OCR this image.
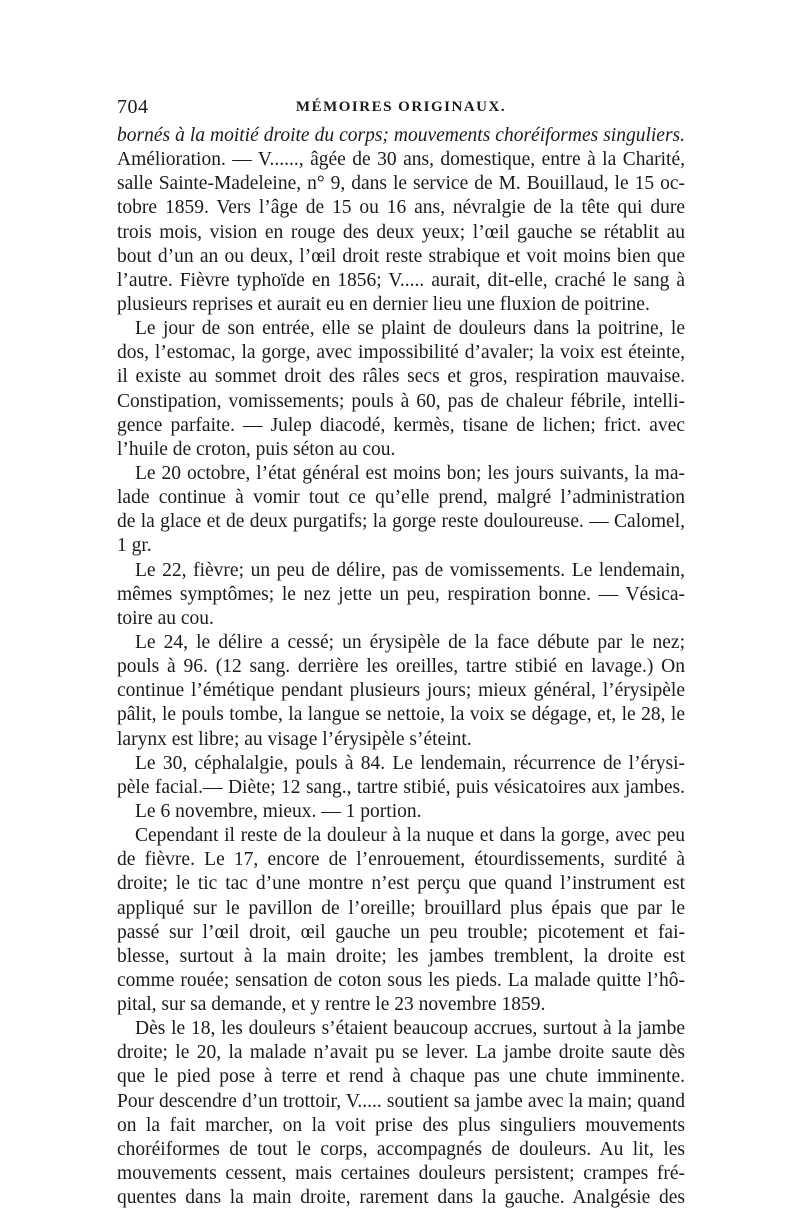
704	MÉMOIRES ORIGINAUX.
bornés à la moitié droite du corps; mouvements choréiformes singuliers.
Amélioration. — V......, âgée de 30 ans, domestique, entre à la Charité,
salle Sainte-Madeleine, n° 9, dans le service de M. Bouillaud, le 15 oc-
tobre 1859. Vers l’âge de 15 ou 16 ans, névralgie de la tête qui dure
trois mois, vision en rouge des deux yeux; l’œil gauche se rétablit au
bout d’un an ou deux, l’œil droit reste strabique et voit moins bien que
l’autre. Fièvre typhoïde en 1856; V..... aurait, dit-elle, craché le sang à
plusieurs reprises et aurait eu en dernier lieu une fluxion de poitrine.
Le jour de son entrée, elle se plaint de douleurs dans la poitrine, le
dos, l’estomac, la gorge, avec impossibilité d’avaler; la voix est éteinte,
il existe au sommet droit des râles secs et gros, respiration mauvaise.
Constipation, vomissements; pouls à 60, pas de chaleur fébrile, intelli-
gence parfaite. — Julep diacodé, kermès, tisane de lichen; frict. avec
l’huile de croton, puis séton au cou.
Le 20 octobre, l’état général est moins bon; les jours suivants, la ma-
lade continue à vomir tout ce qu’elle prend, malgré l’administration
de la glace et de deux purgatifs; la gorge reste douloureuse. — Calomel,
1 gr.
Le 22, fièvre; un peu de délire, pas de vomissements. Le lendemain,
mêmes symptômes; le nez jette un peu, respiration bonne. — Vésica-
toire au cou.
Le 24, le délire a cessé; un érysipèle de la face débute par le nez;
pouls à 96. (12 sang. derrière les oreilles, tartre stibié en lavage.) On
continue l’émétique pendant plusieurs jours; mieux général, l’érysipèle
pâlit, le pouls tombe, la langue se nettoie, la voix se dégage, et, le 28, le
larynx est libre; au visage l’érysipèle s’éteint.
Le 30, céphalalgie, pouls à 84. Le lendemain, récurrence de l’érysi-
pèle facial.— Diète; 12 sang., tartre stibié, puis vésicatoires aux jambes.
Le 6 novembre, mieux. — 1 portion.
Cependant il reste de la douleur à la nuque et dans la gorge, avec peu
de fièvre. Le 17, encore de l’enrouement, étourdissements, surdité à
droite; le tic tac d’une montre n’est perçu que quand l’instrument est
appliqué sur le pavillon de l’oreille; brouillard plus épais que par le
passé sur l’œil droit, œil gauche un peu trouble; picotement et fai-
blesse, surtout à la main droite; les jambes tremblent, la droite est
comme rouée; sensation de coton sous les pieds. La malade quitte l’hô-
pital, sur sa demande, et y rentre le 23 novembre 1859.
Dès le 18, les douleurs s’étaient beaucoup accrues, surtout à la jambe
droite; le 20, la malade n’avait pu se lever. La jambe droite saute dès
que le pied pose à terre et rend à chaque pas une chute imminente.
Pour descendre d’un trottoir, V..... soutient sa jambe avec la main; quand
on la fait marcher, on la voit prise des plus singuliers mouvements
choréiformes de tout le corps, accompagnés de douleurs. Au lit, les
mouvements cessent, mais certaines douleurs persistent; crampes fré-
quentes dans la main droite, rarement dans la gauche. Analgésie des
